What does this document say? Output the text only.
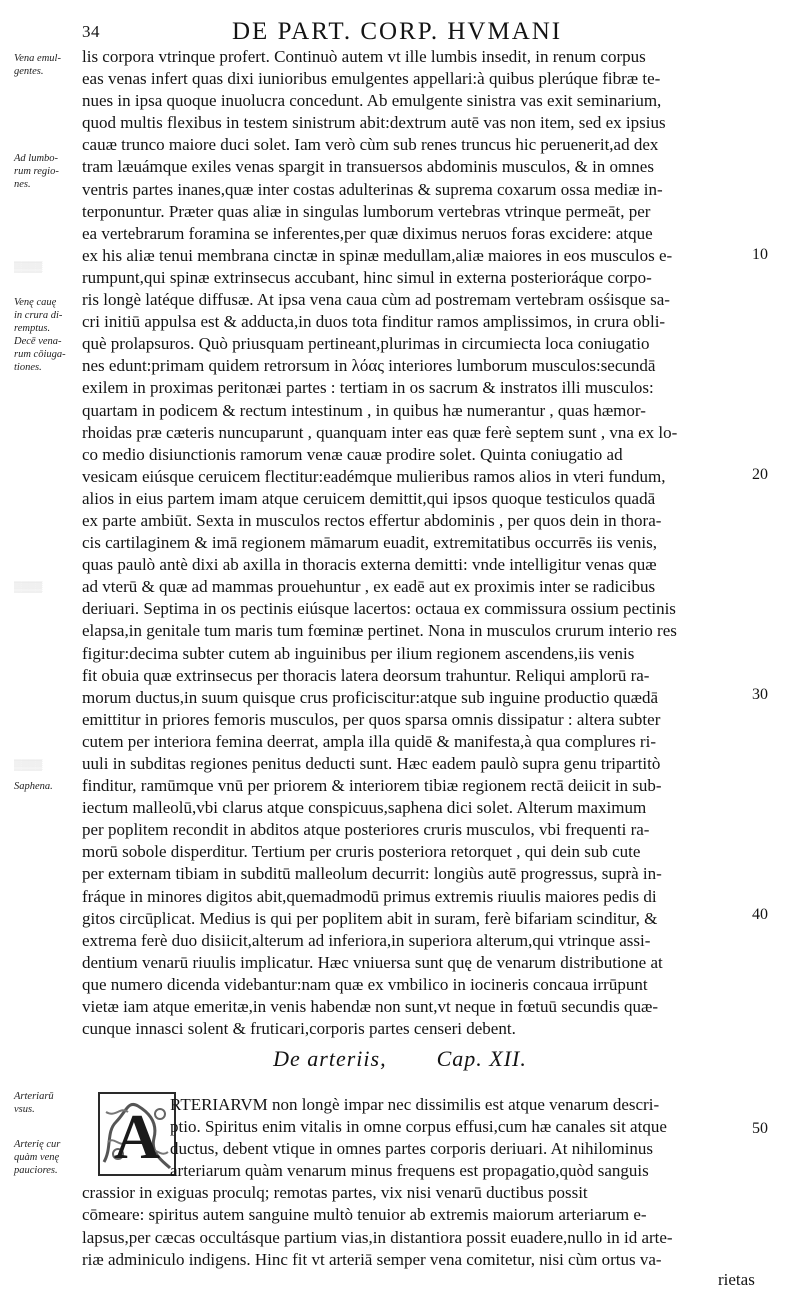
34	DE PART. CORP. HVMANI
Vena emul-
gentes.
Ad lumbo-
rum regio-
nes.
Venę cauę
in crura di-
remptus.
Decē vena-
rum cōiuga-
tiones.
Saphena.
Arteriarū
vsus.
Arterię cur
quàm venę
pauciores.
▒▒▒▒
▒▒▒▒
▒▒▒▒
10
20
30
40
50
lis corpora vtrinque profert. Continuò autem vt ille lumbis insedit, in renum corpus
eas venas infert quas dixi iunioribus emulgentes appellari:à quibus plerúque fibræ te-
nues in ipsa quoque inuolucra concedunt. Ab emulgente sinistra vas exit seminarium,
quod multis flexibus in testem sinistrum abit:dextrum autē vas non item, sed ex ipsius
cauæ trunco maiore duci solet. Iam verò cùm sub renes truncus hic peruenerit,ad dex
tram læuámque exiles venas spargit in transuersos abdominis musculos, & in omnes
ventris partes inanes,quæ inter costas adulterinas & suprema coxarum ossa mediæ in-
terponuntur. Præter quas aliæ in singulas lumborum vertebras vtrinque permeāt, per
ea vertebrarum foramina se inferentes,per quæ diximus neruos foras excidere: atque
ex his aliæ tenui membrana cinctæ in spinæ medullam,aliæ maiores in eos musculos e-
rumpunt,qui spinæ extrinsecus accubant, hinc simul in externa posterioráque corpo-
ris longè latéque diffusæ. At ipsa vena caua cùm ad postremam vertebram osśisque sa-
cri initiū appulsa est & adducta,in duos tota finditur ramos amplissimos, in crura obli-
què prolapsuros. Quò priusquam pertineant,plurimas in circumiecta loca coniugatio
nes edunt:primam quidem retrorsum in λόας interiores lumborum musculos:secundā
exilem in proximas peritonæi partes : tertiam in os sacrum & instratos illi musculos:
quartam in podicem & rectum intestinum , in quibus hæ numerantur , quas hæmor-
rhoidas præ cæteris nuncuparunt , quanquam inter eas quæ ferè septem sunt , vna ex lo-
co medio disiunctionis ramorum venæ cauæ prodire solet. Quinta coniugatio ad
vesicam eiúsque ceruicem flectitur:eadémque mulieribus ramos alios in vteri fundum,
alios in eius partem imam atque ceruicem demittit,qui ipsos quoque testiculos quadā
ex parte ambiūt. Sexta in musculos rectos effertur abdominis , per quos dein in thora-
cis cartilaginem & imā regionem māmarum euadit, extremitatibus occurrēs iis venis,
quas paulò antè dixi ab axilla in thoracis externa demitti: vnde intelligitur venas quæ
ad vterū & quæ ad mammas prouehuntur , ex eadē aut ex proximis inter se radicibus
deriuari. Septima in os pectinis eiúsque lacertos: octaua ex commissura ossium pectinis
elapsa,in genitale tum maris tum fœminæ pertinet. Nona in musculos crurum interio res
figitur:decima subter cutem ab inguinibus per ilium regionem ascendens,iis venis
fit obuia quæ extrinsecus per thoracis latera deorsum trahuntur. Reliqui amplorū ra-
morum ductus,in suum quisque crus proficiscitur:atque sub inguine productio quædā
emittitur in priores femoris musculos, per quos sparsa omnis dissipatur : altera subter
cutem per interiora femina deerrat, ampla illa quidē & manifesta,à qua complures ri-
uuli in subditas regiones penitus deducti sunt. Hæc eadem paulò supra genu tripartitò
finditur, ramūmque vnū per priorem & interiorem tibiæ regionem rectā deiicit in sub-
iectum malleolū,vbi clarus atque conspicuus,saphena dici solet. Alterum maximum
per poplitem recondit in abditos atque posteriores cruris musculos, vbi frequenti ra-
morū sobole disperditur. Tertium per cruris posteriora retorquet , qui dein sub cute
per externam tibiam in subditū malleolum decurrit: longiùs autē progressus, suprà in-
fráque in minores digitos abit,quemadmodū primus extremis riuulis maiores pedis di
gitos circūplicat. Medius is qui per poplitem abit in suram, ferè bifariam scinditur, &
extrema ferè duo disiicit,alterum ad inferiora,in superiora alterum,qui vtrinque assi-
dentium venarū riuulis implicatur. Hæc vniuersa sunt quę de venarum distributione at
que numero dicenda videbantur:nam quæ ex vmbilico in iocineris concaua irrūpunt
vietæ iam atque emeritæ,in venis habendæ non sunt,vt neque in fœtuū secundis quæ-
cunque innasci solent & fruticari,corporis partes censeri debent.
De arteriis, Cap. XII.
A RTERIARVM non longè impar nec dissimilis est atque venarum descri-
ptio. Spiritus enim vitalis in omne corpus effusi,cum hæ canales sit atque
ductus, debent vtique in omnes partes corporis deriuari. At nihilominus
arteriarum quàm venarum minus frequens est propagatio,quòd sanguis
crassior in exiguas proculq; remotas partes, vix nisi venarū ductibus possit
cōmeare: spiritus autem sanguine multò tenuior ab extremis maiorum arteriarum e-
lapsus,per cæcas occultásque partium vias,in distantiora possit euadere,nullo in id arte-
riæ adminiculo indigens. Hinc fit vt arteriā semper vena comitetur, nisi cùm ortus va-
rietas
